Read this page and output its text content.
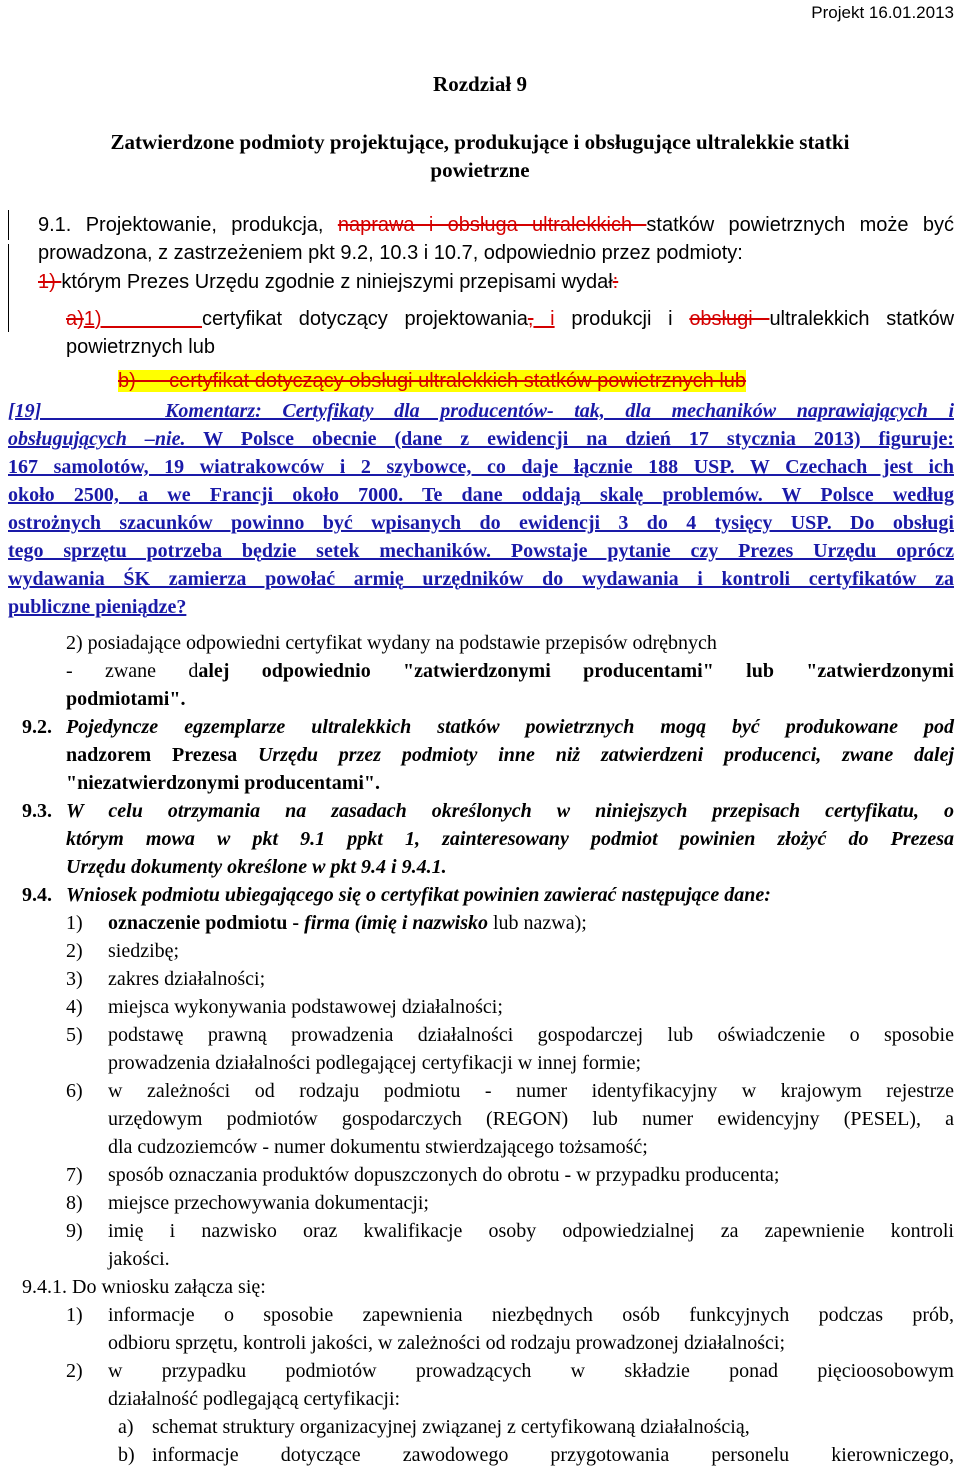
Projekt 16.01.2013
Rozdział 9
Zatwierdzone podmioty projektujące, produkujące i obsługujące ultralekkie statki
powietrzne
9.1. Projektowanie, produkcja, naprawa i obsługa ultralekkich statków powietrznych może być
prowadzona, z zastrzeżeniem pkt 9.2, 10.3 i 10.7, odpowiednio przez podmioty:
1) którym Prezes Urzędu zgodnie z niniejszymi przepisami wydał:
a)1)      certyfikat dotyczący projektowania, i produkcji i obsługi ultralekkich statków
powietrznych lub
b)      certyfikat dotyczący obsługi ultralekkich statków powietrznych lub
[19]      Komentarz: Certyfikaty dla producentów- tak, dla mechaników naprawiających i
obsługujących –nie. W Polsce obecnie (dane z ewidencji na dzień 17 stycznia 2013) figuruje:
167 samolotów, 19 wiatrakowców i 2 szybowce, co daje łącznie 188 USP. W Czechach jest ich
około 2500, a we Francji około 7000. Te dane oddają skalę problemów. W Polsce według
ostrożnych szacunków powinno być wpisanych do ewidencji 3 do 4 tysięcy USP. Do obsługi
tego sprzętu potrzeba będzie setek mechaników. Powstaje pytanie czy Prezes Urzędu oprócz
wydawania ŚK zamierza powołać armię urzędników do wydawania i kontroli certyfikatów za
publiczne pieniądze?
2) posiadające odpowiedni certyfikat wydany na podstawie przepisów odrębnych
- zwane dalej odpowiednio "zatwierdzonymi producentami" lub "zatwierdzonymi
podmiotami".
9.2. Pojedyncze egzemplarze ultralekkich statków powietrznych mogą być produkowane pod
nadzorem Prezesa Urzędu przez podmioty inne niż zatwierdzeni producenci, zwane dalej
"niezatwierdzonymi producentami".
9.3. W celu otrzymania na zasadach określonych w niniejszych przepisach certyfikatu, o
którym mowa w pkt 9.1 ppkt 1, zainteresowany podmiot powinien złożyć do Prezesa
Urzędu dokumenty określone w pkt 9.4 i 9.4.1.
9.4. Wniosek podmiotu ubiegającego się o certyfikat powinien zawierać następujące dane:
1) oznaczenie podmiotu - firma (imię i nazwisko lub nazwa);
2) siedzibę;
3) zakres działalności;
4) miejsca wykonywania podstawowej działalności;
5) podstawę prawną prowadzenia działalności gospodarczej lub oświadczenie o sposobie
prowadzenia działalności podlegającej certyfikacji w innej formie;
6) w zależności od rodzaju podmiotu - numer identyfikacyjny w krajowym rejestrze
urzędowym podmiotów gospodarczych (REGON) lub numer ewidencyjny (PESEL), a
dla cudzoziemców - numer dokumentu stwierdzającego tożsamość;
7) sposób oznaczania produktów dopuszczonych do obrotu - w przypadku producenta;
8) miejsce przechowywania dokumentacji;
9) imię i nazwisko oraz kwalifikacje osoby odpowiedzialnej za zapewnienie kontroli
jakości.
9.4.1. Do wniosku załącza się:
1) informacje o sposobie zapewnienia niezbędnych osób funkcyjnych podczas prób,
odbioru sprzętu, kontroli jakości, w zależności od rodzaju prowadzonej działalności;
2) w przypadku podmiotów prowadzących w składzie ponad pięcioosobowym
działalność podlegającą certyfikacji:
a) schemat struktury organizacyjnej związanej z certyfikowaną działalnością,
b) informacje dotyczące zawodowego przygotowania personelu kierowniczego,
